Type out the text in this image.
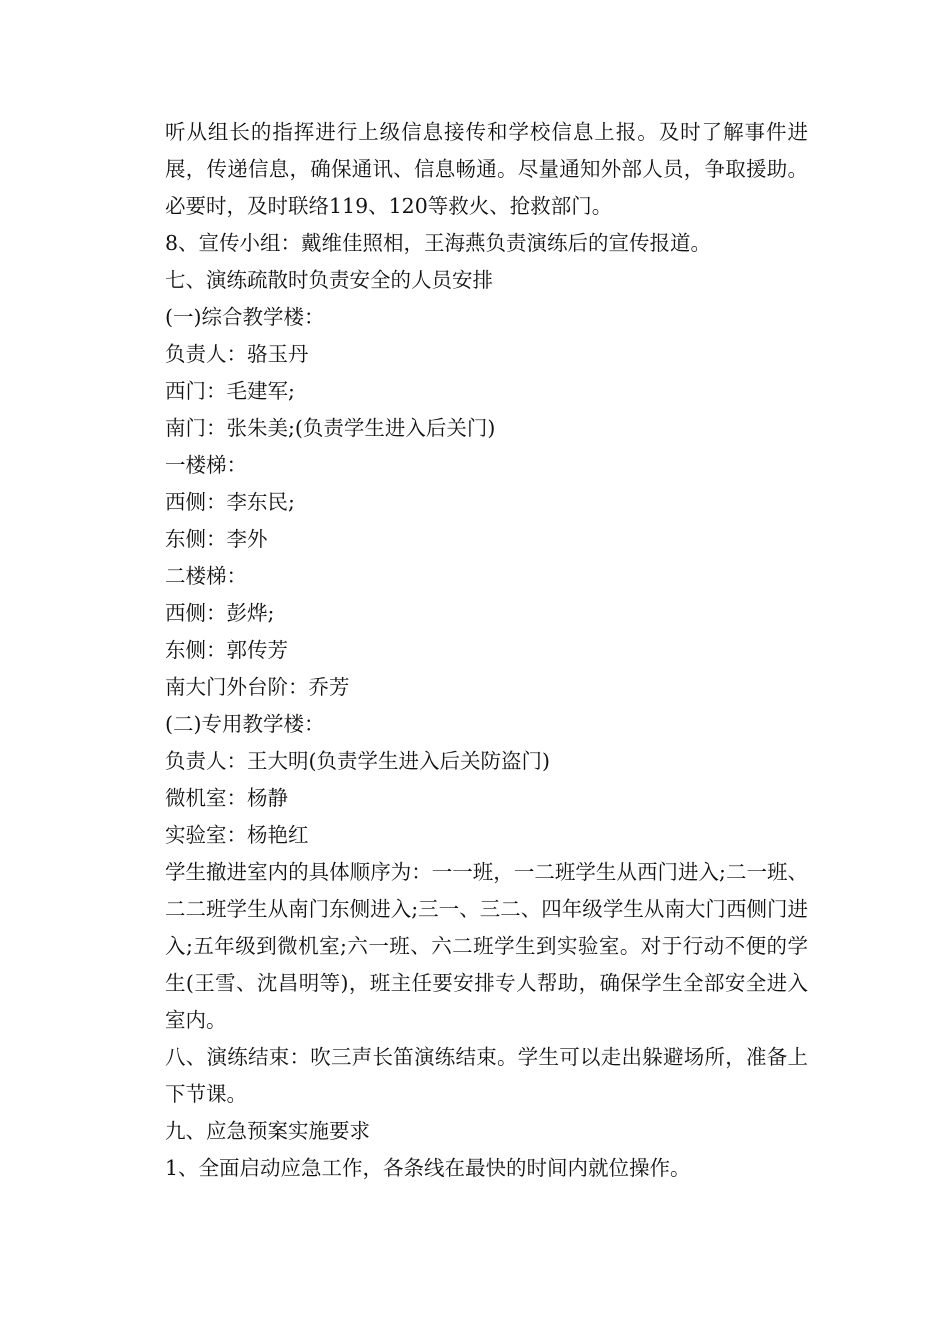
听从组长的指挥进行上级信息接传和学校信息上报。及时了解事件进展，传递信息，确保通讯、信息畅通。尽量通知外部人员，争取援助。必要时，及时联络119、120等救火、抢救部门。

8、宣传小组：戴维佳照相，王海燕负责演练后的宣传报道。

七、演练疏散时负责安全的人员安排

(一)综合教学楼：

负责人：骆玉丹

西门：毛建军;

南门：张朱美;(负责学生进入后关门)

一楼梯：

西侧：李东民;

东侧：李外

二楼梯：

西侧：彭烨;

东侧：郭传芳

南大门外台阶：乔芳

(二)专用教学楼：

负责人：王大明(负责学生进入后关防盗门)

微机室：杨静

实验室：杨艳红

学生撤进室内的具体顺序为：一一班，一二班学生从西门进入;二一班、二二班学生从南门东侧进入;三一、三二、四年级学生从南大门西侧门进入;五年级到微机室;六一班、六二班学生到实验室。对于行动不便的学生(王雪、沈昌明等)，班主任要安排专人帮助，确保学生全部安全进入室内。

八、演练结束：吹三声长笛演练结束。学生可以走出躲避场所，准备上下节课。

九、应急预案实施要求

1、全面启动应急工作，各条线在最快的时间内就位操作。
